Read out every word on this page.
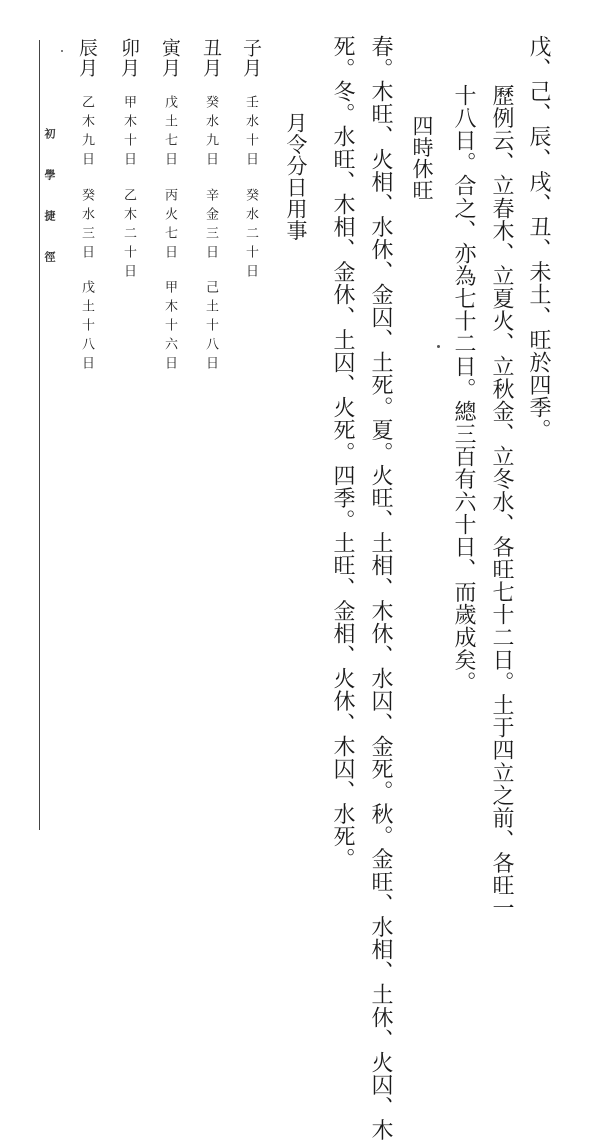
戊、己、辰、戌、丑、未土、旺於四季。
歷例云、立春木、立夏火、立秋金、立冬水、各旺七十二日。土于四立之前、各旺一
十八日。合之、亦為七十二日。總三百有六十日、而歲成矣。
四時休旺
春。木旺、火相、水休、金囚、土死。夏。火旺、土相、木休、水囚、金死。秋。金旺、水相、土休、火囚、木
死。冬。水旺、木相、金休、土囚、火死。四季。土旺、金相、火休、木囚、水死。
月令分日用事
子月
壬水十日
癸水二十日
丑月
癸水九日
辛金三日
己土十八日
寅月
戊土七日
丙火七日
甲木十六日
卯月
甲木十日
乙木二十日
辰月
乙木九日
癸水三日
戊土十八日
初學捷徑
